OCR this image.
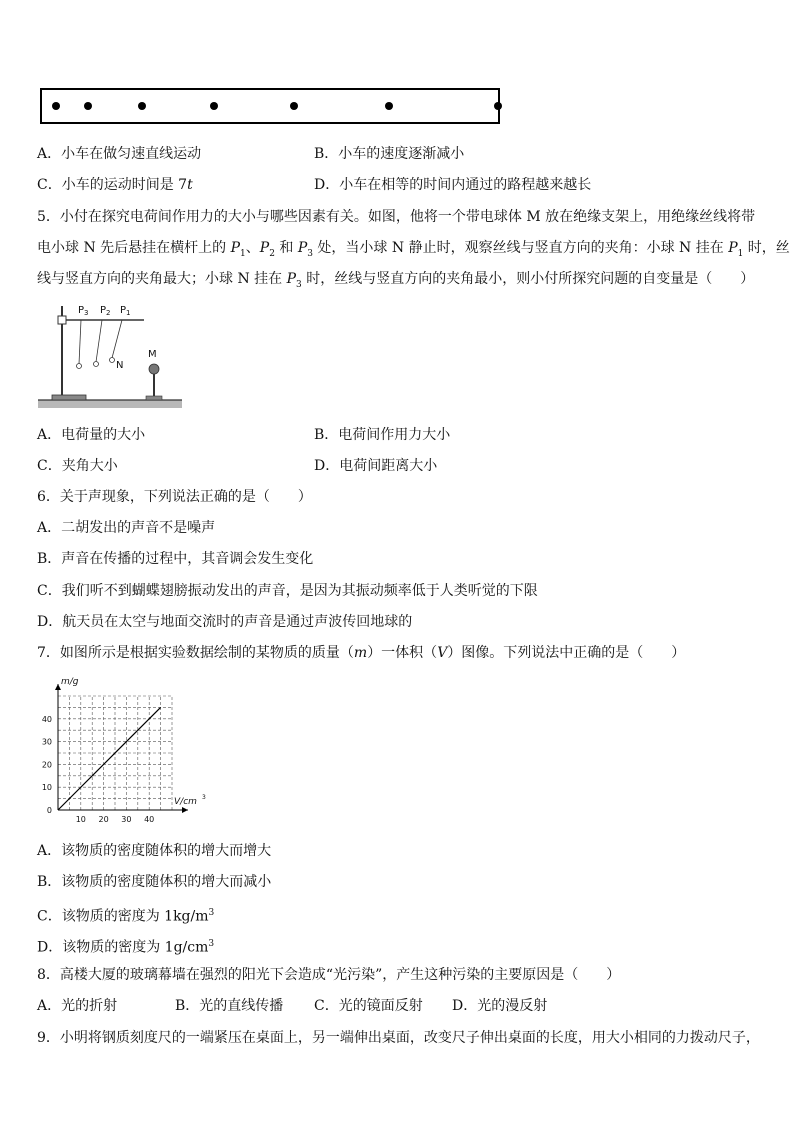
A．小车在做匀速直线运动	B．小车的速度逐渐减小
C．小车的运动时间是 7t	D．小车在相等的时间内通过的路程越来越长
5．小付在探究电荷间作用力的大小与哪些因素有关。如图，他将一个带电球体 M 放在绝缘支架上，用绝缘丝线将带
电小球 N 先后悬挂在横杆上的 $P_1$、$P_2$ 和 $P_3$ 处，当小球 N 静止时，观察丝线与竖直方向的夹角：小球 N 挂在 $P_1$ 时，丝
线与竖直方向的夹角最大；小球 N 挂在 $P_3$ 时，丝线与竖直方向的夹角最小，则小付所探究问题的自变量是（　　）
$P_3$ $P_2$ $P_1$
N
M
A．电荷量的大小	B．电荷间作用力大小
C．夹角大小	D．电荷间距离大小
6．关于声现象，下列说法正确的是（　　）
A．二胡发出的声音不是噪声
B．声音在传播的过程中，其音调会发生变化
C．我们听不到蝴蝶翅膀振动发出的声音，是因为其振动频率低于人类听觉的下限
D．航天员在太空与地面交流时的声音是通过声波传回地球的
7．如图所示是根据实验数据绘制的某物质的质量（m）一体积（V）图像。下列说法中正确的是（　　）
10 20 30 40
0
10
20
30
40
m/g
V/cm 3
A．该物质的密度随体积的增大而增大
B．该物质的密度随体积的增大而减小
C．该物质的密度为 $1kg/m^3$
D．该物质的密度为 $1g/cm^3$
8．高楼大厦的玻璃幕墙在强烈的阳光下会造成“光污染”，产生这种污染的主要原因是（　　）
A．光的折射	B．光的直线传播 C．光的镜面反射 D．光的漫反射
9．小明将钢质刻度尺的一端紧压在桌面上，另一端伸出桌面，改变尺子伸出桌面的长度，用大小相同的力拨动尺子，
